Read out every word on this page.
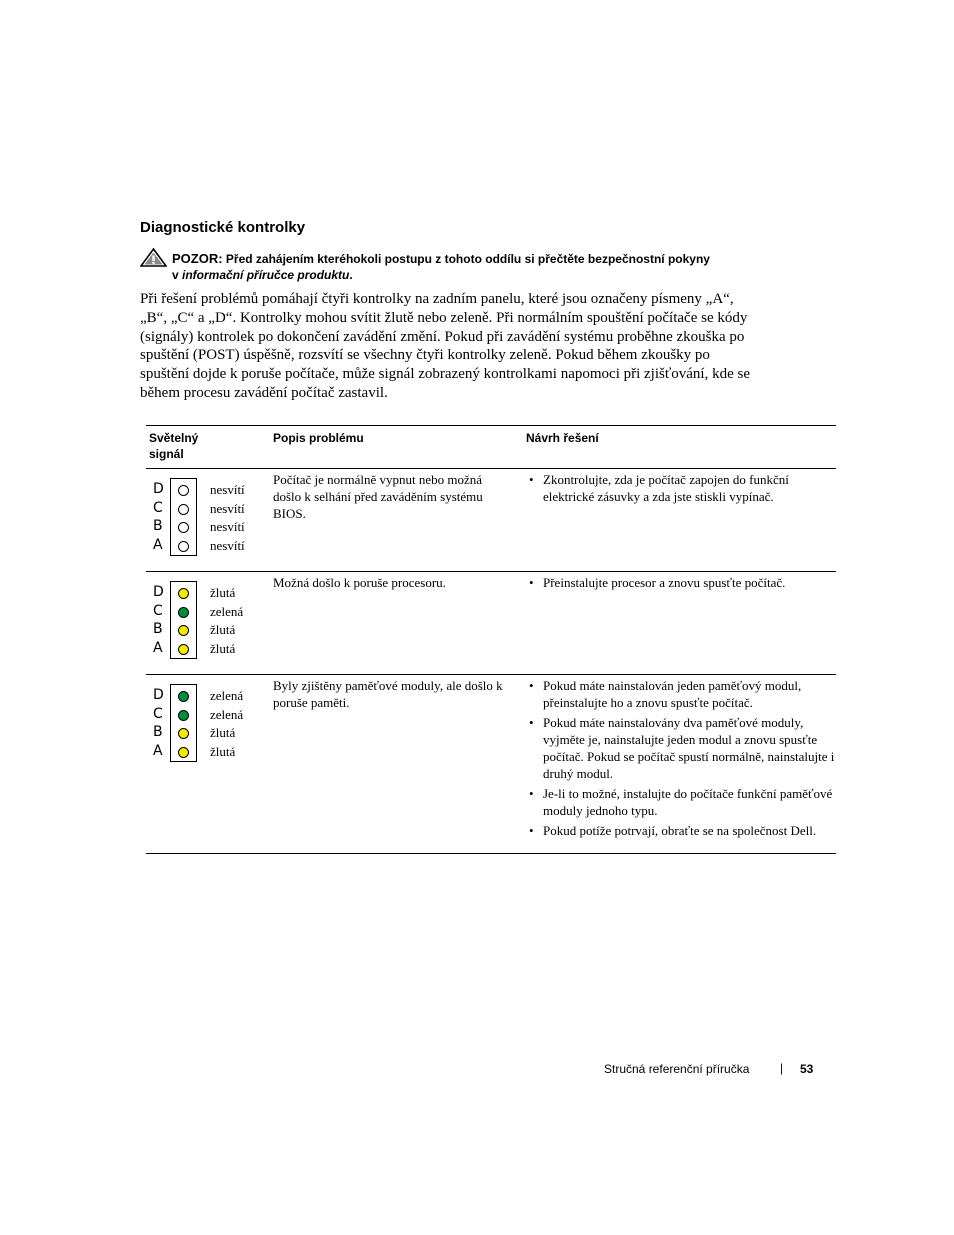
Diagnostické kontrolky
POZOR: Před zahájením kteréhokoli postupu z tohoto oddílu si přečtěte bezpečnostní pokyny
v informační příručce produktu.

Při řešení problémů pomáhají čtyři kontrolky na zadním panelu, které jsou označeny písmeny „A“, „B“, „C“ a „D“. Kontrolky mohou svítit žlutě nebo zeleně. Při normálním spouštění počítače se kódy (signály) kontrolek po dokončení zavádění změní. Pokud při zavádění systému proběhne zkouška po spuštění (POST) úspěšně, rozsvítí se všechny čtyři kontrolky zeleně. Pokud během zkoušky po spuštění dojde k poruše počítače, může signál zobrazený kontrolkami napomoci při zjišťování, kde se během procesu zavádění počítač zastavil.

Světelný signál
Popis problému	Návrh řešení
D
C
B
A
nesvítí
nesvítí
nesvítí
nesvítí
Počítač je normálně vypnut nebo možná došlo k selhání před zaváděním systému BIOS.
• Zkontrolujte, zda je počítač zapojen do funkční elektrické zásuvky a zda jste stiskli vypínač.
D
C
B
A
žlutá
zelená
žlutá
žlutá
Možná došlo k poruše procesoru.
•	Přeinstalujte procesor a znovu spusťte počítač.
D
C
B
A
zelená
zelená
žlutá
žlutá
Byly zjištěny paměťové moduly, ale došlo k poruše paměti.
• Pokud máte nainstalován jeden paměťový modul, přeinstalujte ho a znovu spusťte počítač.
• Pokud máte nainstalovány dva paměťové moduly, vyjměte je, nainstalujte jeden modul a znovu spusťte počítač. Pokud se počítač spustí normálně, nainstalujte i druhý modul.
• Je-li to možné, instalujte do počítače funkční paměťové moduly jednoho typu.
• Pokud potíže potrvají, obraťte se na společnost Dell.
Stručná referenční příručka	| 53
